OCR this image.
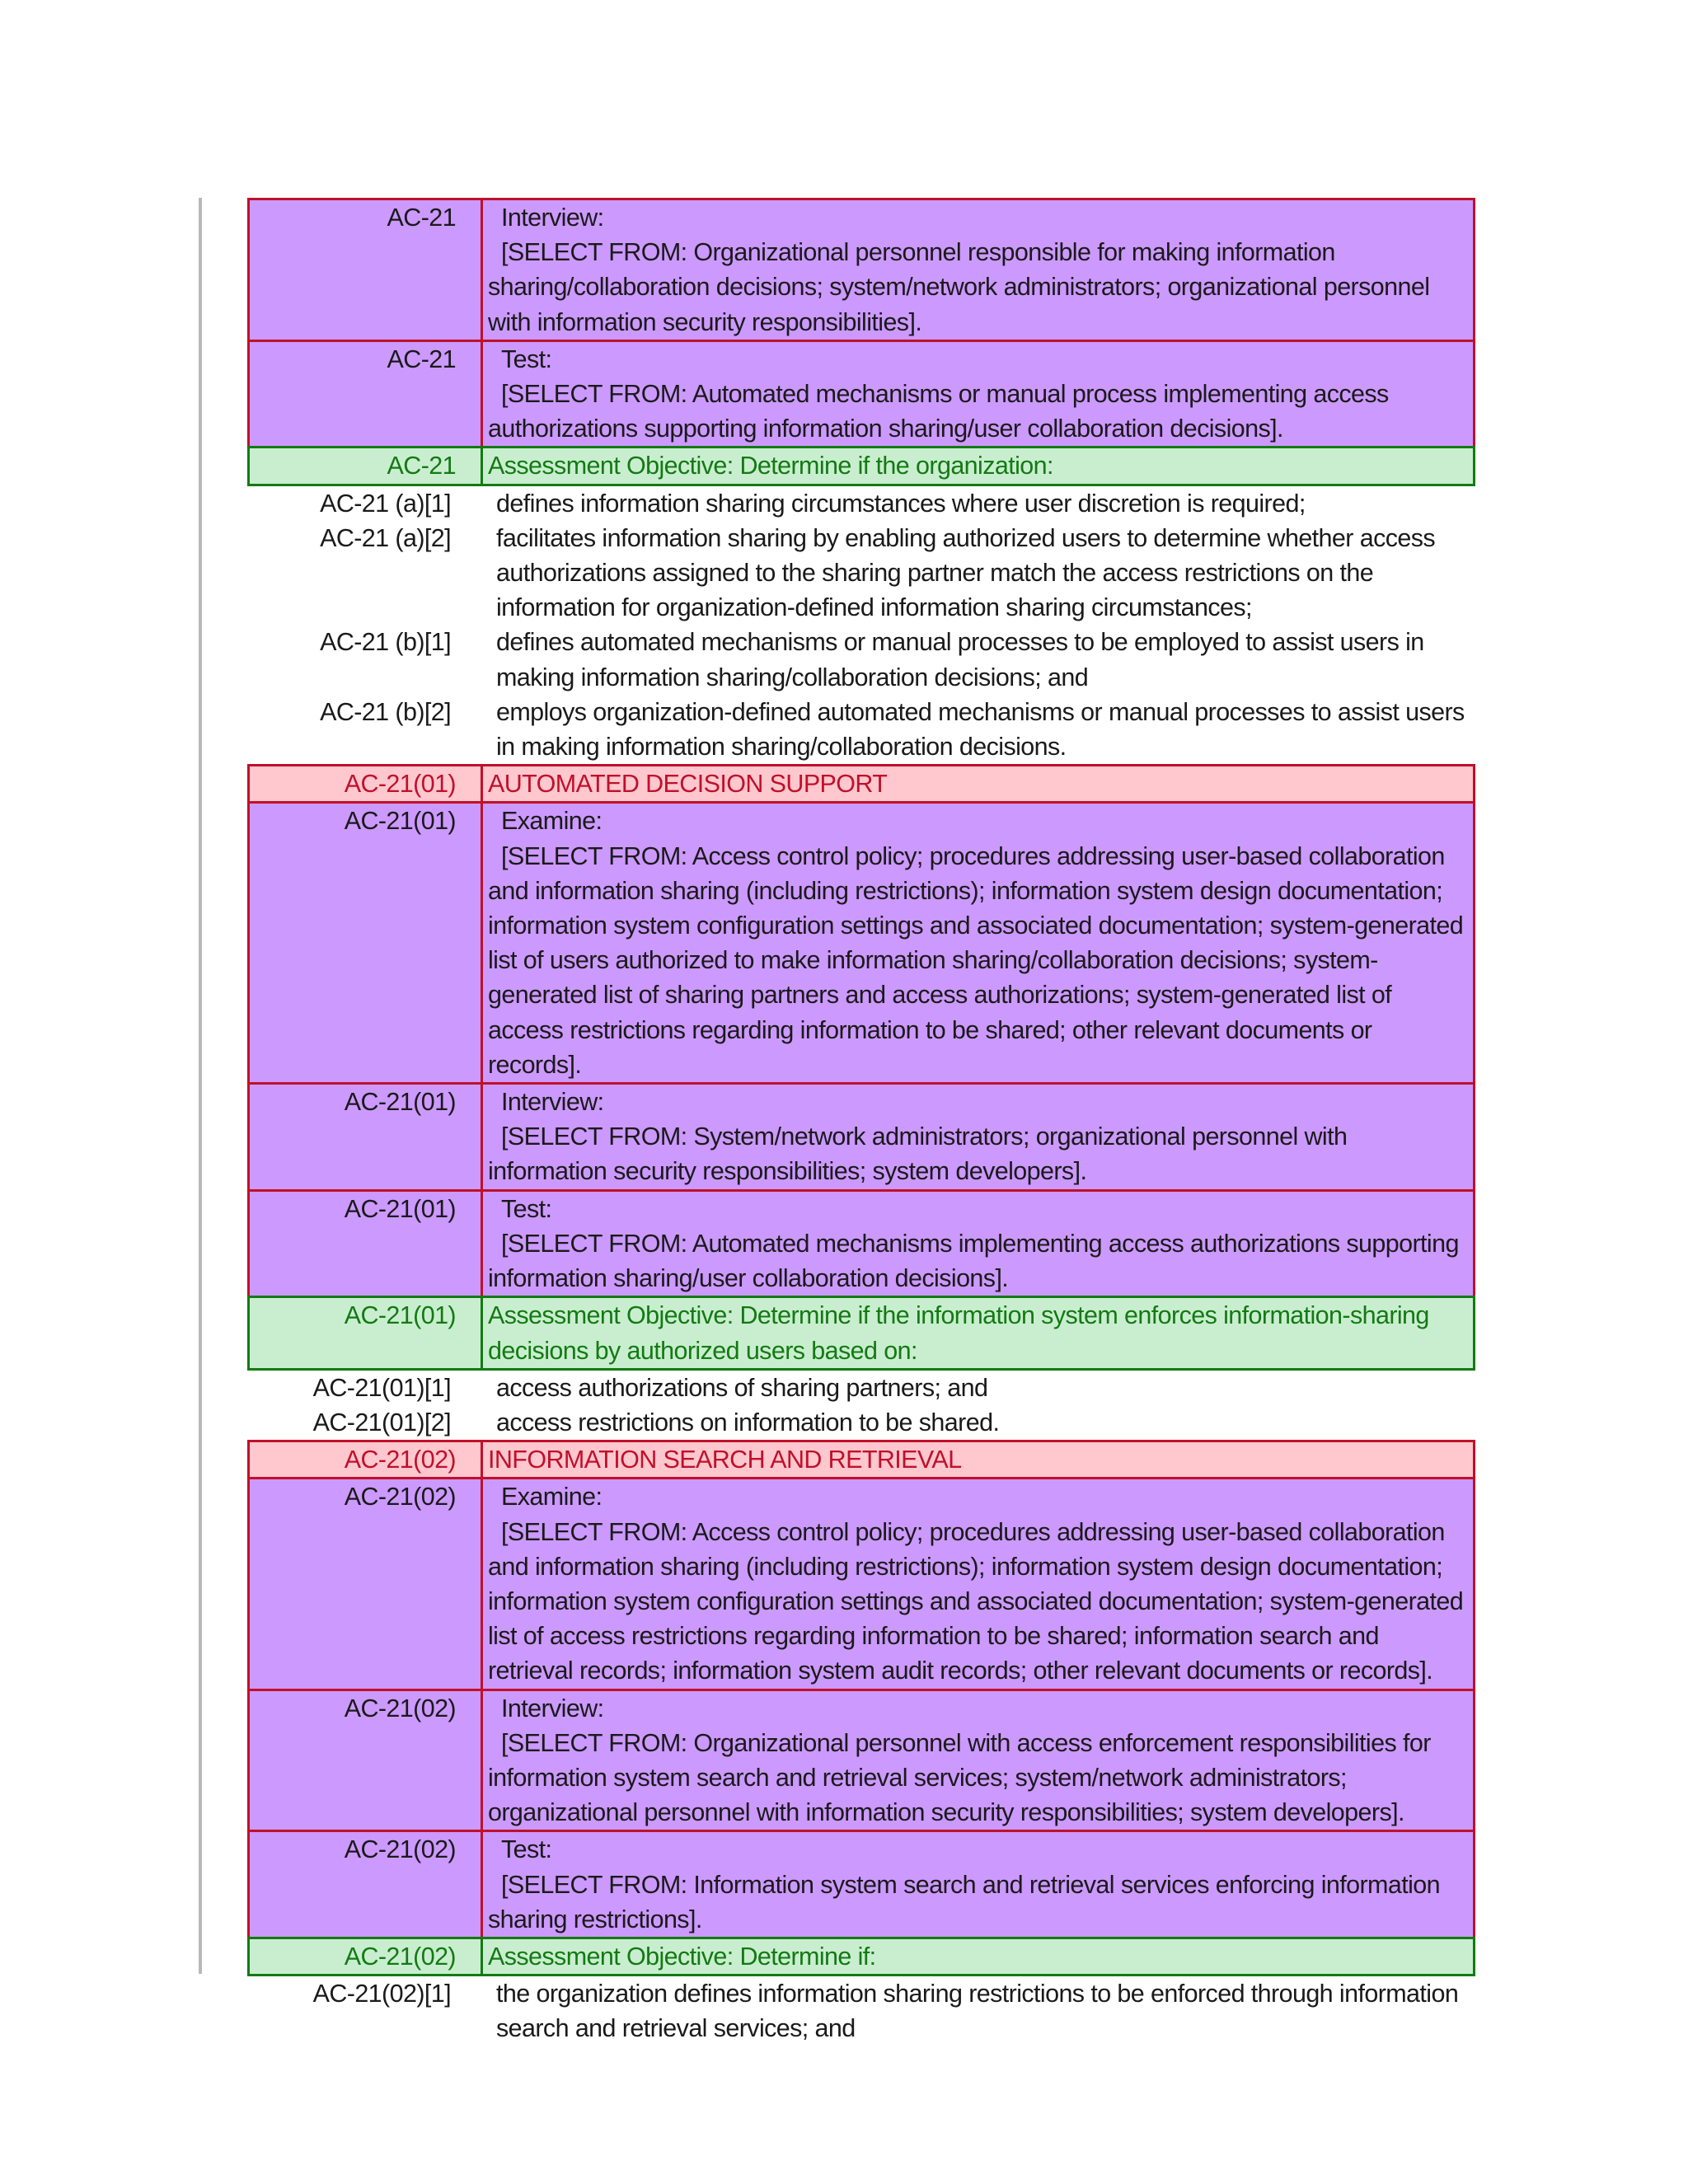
AC-21	Interview:
[SELECT FROM: Organizational personnel responsible for making information sharing/collaboration decisions; system/network administrators; organizational personnel with information security responsibilities].
AC-21	Test:
[SELECT FROM: Automated mechanisms or manual process implementing access authorizations supporting information sharing/user collaboration decisions].
AC-21	Assessment Objective: Determine if the organization:
AC-21 (a)[1]	defines information sharing circumstances where user discretion is required;
AC-21 (a)[2]	facilitates information sharing by enabling authorized users to determine whether access authorizations assigned to the sharing partner match the access restrictions on the information for organization-defined information sharing circumstances;
AC-21 (b)[1]	defines automated mechanisms or manual processes to be employed to assist users in making information sharing/collaboration decisions; and
AC-21 (b)[2]	employs organization-defined automated mechanisms or manual processes to assist users in making information sharing/collaboration decisions.
AC-21(01)	AUTOMATED DECISION SUPPORT
AC-21(01)	Examine:
[SELECT FROM: Access control policy; procedures addressing user-based collaboration and information sharing (including restrictions); information system design documentation; information system configuration settings and associated documentation; system-generated list of users authorized to make information sharing/collaboration decisions; system-generated list of sharing partners and access authorizations; system-generated list of access restrictions regarding information to be shared; other relevant documents or records].
AC-21(01)	Interview:
[SELECT FROM: System/network administrators; organizational personnel with information security responsibilities; system developers].
AC-21(01)	Test:
[SELECT FROM: Automated mechanisms implementing access authorizations supporting information sharing/user collaboration decisions].
AC-21(01)	Assessment Objective: Determine if the information system enforces information-sharing decisions by authorized users based on:
AC-21(01)[1]	access authorizations of sharing partners; and
AC-21(01)[2]	access restrictions on information to be shared.
AC-21(02)	INFORMATION SEARCH AND RETRIEVAL
AC-21(02)	Examine:
[SELECT FROM: Access control policy; procedures addressing user-based collaboration and information sharing (including restrictions); information system design documentation; information system configuration settings and associated documentation; system-generated list of access restrictions regarding information to be shared; information search and retrieval records; information system audit records; other relevant documents or records].
AC-21(02)	Interview:
[SELECT FROM: Organizational personnel with access enforcement responsibilities for information system search and retrieval services; system/network administrators; organizational personnel with information security responsibilities; system developers].
AC-21(02)	Test:
[SELECT FROM: Information system search and retrieval services enforcing information sharing restrictions].
AC-21(02)	Assessment Objective: Determine if:
AC-21(02)[1]	the organization defines information sharing restrictions to be enforced through information search and retrieval services; and
